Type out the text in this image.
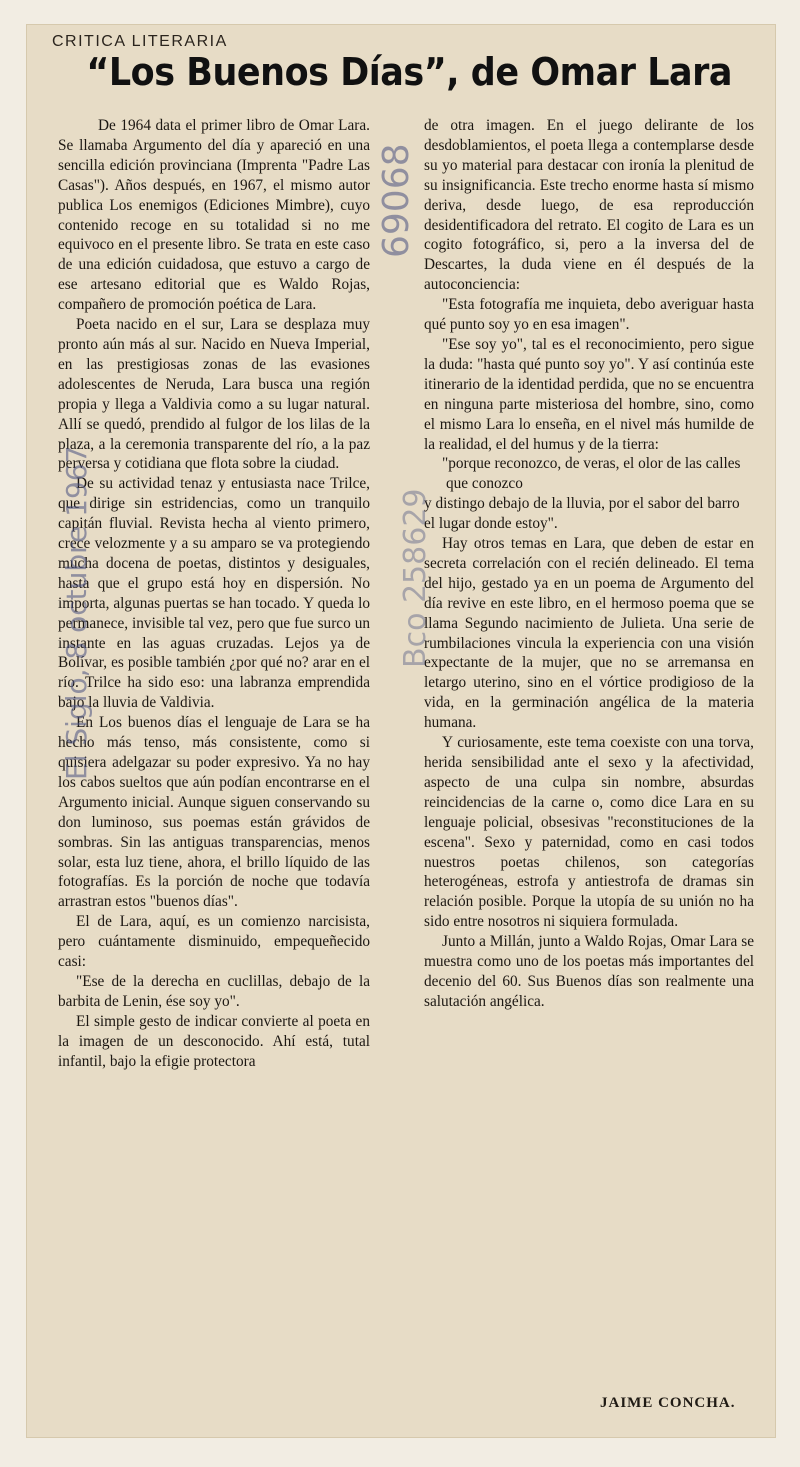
CRITICA LITERARIA
“Los Buenos Días”, de Omar Lara

De 1964 data el primer libro de Omar Lara. Se llamaba Argumento del día y apareció en una sencilla edición provinciana (Imprenta "Padre Las Casas"). Años después, en 1967, el mismo autor publica Los enemigos (Ediciones Mimbre), cuyo contenido recoge en su totalidad si no me equivoco en el presente libro. Se trata en este caso de una edición cuidadosa, que estuvo a cargo de ese artesano editorial que es Waldo Rojas, compañero de promoción poética de Lara.

Poeta nacido en el sur, Lara se desplaza muy pronto aún más al sur. Nacido en Nueva Imperial, en las prestigiosas zonas de las evasiones adolescentes de Neruda, Lara busca una región propia y llega a Valdivia como a su lugar natural. Allí se quedó, prendido al fulgor de los lilas de la plaza, a la ceremonia transparente del río, a la paz perversa y cotidiana que flota sobre la ciudad.

De su actividad tenaz y entusiasta nace Trilce, que dirige sin estridencias, como un tranquilo capitán fluvial. Revista hecha al viento primero, crece velozmente y a su amparo se va protegiendo mucha docena de poetas, distintos y desiguales, hasta que el grupo está hoy en dispersión. No importa, algunas puertas se han tocado. Y queda lo permanece, invisible tal vez, pero que fue surco un instante en las aguas cruzadas. Lejos ya de Bolívar, es posible también ¿por qué no? arar en el río. Trilce ha sido eso: una labranza emprendida bajo la lluvia de Valdivia.

En Los buenos días el lenguaje de Lara se ha hecho más tenso, más consistente, como si quisiera adelgazar su poder expresivo. Ya no hay los cabos sueltos que aún podían encontrarse en el Argumento inicial. Aunque siguen conservando su don luminoso, sus poemas están grávidos de sombras. Sin las antiguas transparencias, menos solar, esta luz tiene, ahora, el brillo líquido de las fotografías. Es la porción de noche que todavía arrastran estos "buenos días".

El de Lara, aquí, es un comienzo narcisista, pero cuántamente disminuido, empequeñecido casi:

"Ese de la derecha en cuclillas, debajo de la barbita de Lenin, ése soy yo".

El simple gesto de indicar convierte al poeta en la imagen de un desconocido. Ahí está, tutal infantil, bajo la efigie protectora

de otra imagen. En el juego delirante de los desdoblamientos, el poeta llega a contemplarse desde su yo material para destacar con ironía la plenitud de su insignificancia. Este trecho enorme hasta sí mismo deriva, desde luego, de esa reproducción desidentificadora del retrato. El cogito de Lara es un cogito fotográfico, si, pero a la inversa del de Descartes, la duda viene en él después de la autoconciencia:

"Esta fotografía me inquieta, debo averiguar hasta qué punto soy yo en esa imagen".

"Ese soy yo", tal es el reconocimiento, pero sigue la duda: "hasta qué punto soy yo". Y así continúa este itinerario de la identidad perdida, que no se encuentra en ninguna parte misteriosa del hombre, sino, como el mismo Lara lo enseña, en el nivel más humilde de la realidad, el del humus y de la tierra:

"porque reconozco, de veras, el olor de las calles

que conozco

y distingo debajo de la lluvia, por el sabor del barro

el lugar donde estoy".

Hay otros temas en Lara, que deben de estar en secreta correlación con el recién delineado. El tema del hijo, gestado ya en un poema de Argumento del día revive en este libro, en el hermoso poema que se llama Segundo nacimiento de Julieta. Una serie de rumbilaciones vincula la experiencia con una visión expectante de la mujer, que no se arremansa en letargo uterino, sino en el vórtice prodigioso de la vida, en la germinación angélica de la materia humana.

Y curiosamente, este tema coexiste con una torva, herida sensibilidad ante el sexo y la afectividad, aspecto de una culpa sin nombre, absurdas reincidencias de la carne o, como dice Lara en su lenguaje policial, obsesivas "reconstituciones de la escena". Sexo y paternidad, como en casi todos nuestros poetas chilenos, son categorías heterogéneas, estrofa y antiestrofa de dramas sin relación posible. Porque la utopía de su unión no ha sido entre nosotros ni siquiera formulada.

Junto a Millán, junto a Waldo Rojas, Omar Lara se muestra como uno de los poetas más importantes del decenio del 60. Sus Buenos días son realmente una salutación angélica.

JAIME CONCHA.
El Siglo, 8 octubre 1967
69068
Bco 258629
